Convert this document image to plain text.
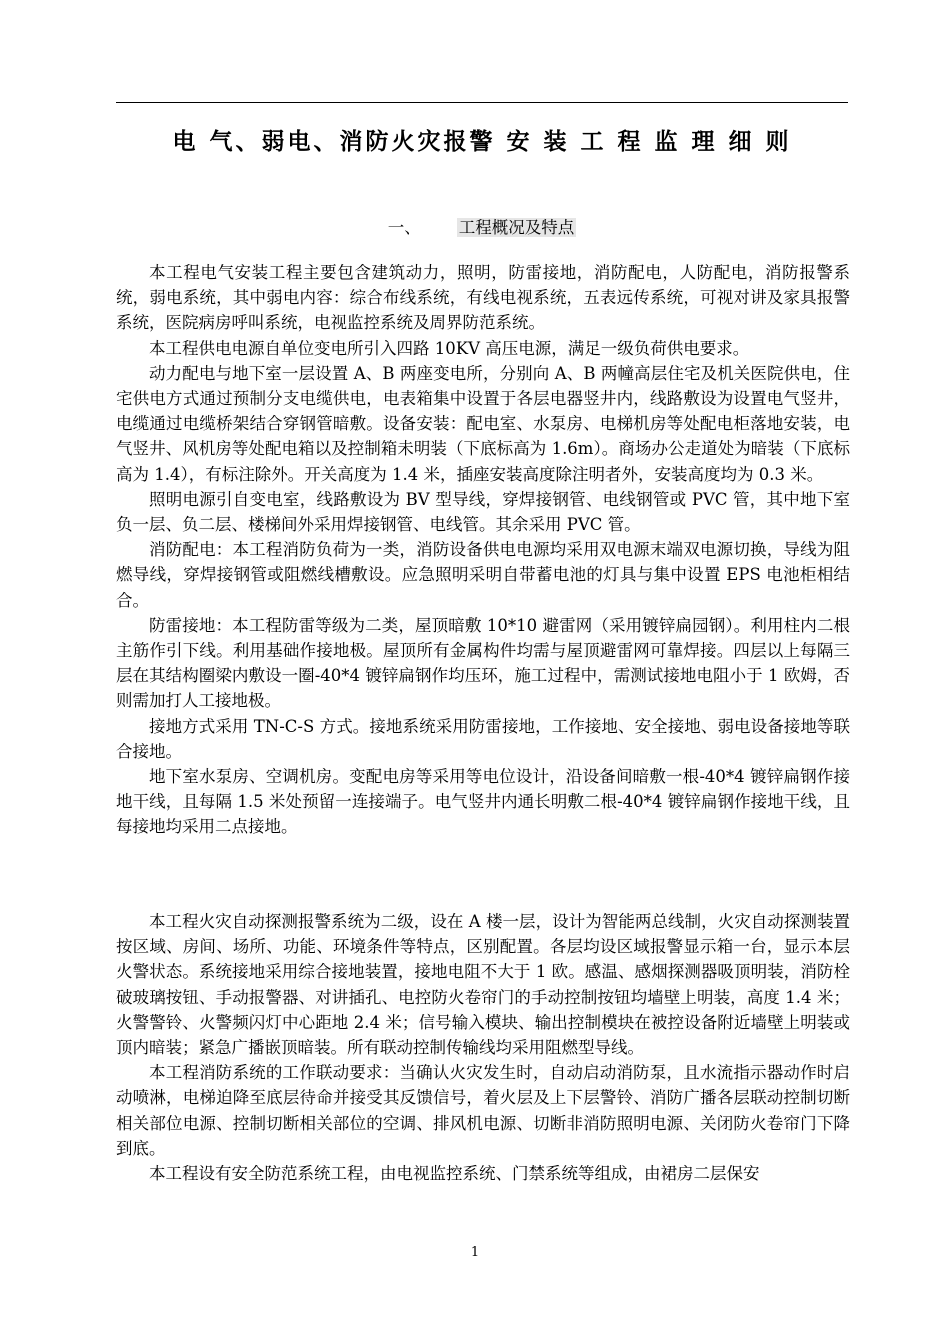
电 气、弱电、消防火灾报警 安 装 工 程 监 理 细 则
一、 工程概况及特点

本工程电气安装工程主要包含建筑动力，照明，防雷接地，消防配电，人防配电，消防报警系统，弱电系统，其中弱电内容：综合布线系统，有线电视系统，五表远传系统，可视对讲及家具报警系统，医院病房呼叫系统，电视监控系统及周界防范系统。

本工程供电电源自单位变电所引入四路 10KV 高压电源，满足一级负荷供电要求。

动力配电与地下室一层设置 A、B 两座变电所，分别向 A、B 两幢高层住宅及机关医院供电，住宅供电方式通过预制分支电缆供电，电表箱集中设置于各层电器竖井内，线路敷设为设置电气竖井，电缆通过电缆桥架结合穿钢管暗敷。设备安装：配电室、水泵房、电梯机房等处配电柜落地安装，电气竖井、风机房等处配电箱以及控制箱未明装（下底标高为 1.6m）。商场办公走道处为暗装（下底标高为 1.4），有标注除外。开关高度为 1.4 米，插座安装高度除注明者外，安装高度均为 0.3 米。

照明电源引自变电室，线路敷设为 BV 型导线，穿焊接钢管、电线钢管或 PVC 管，其中地下室负一层、负二层、楼梯间外采用焊接钢管、电线管。其余采用 PVC 管。

消防配电：本工程消防负荷为一类，消防设备供电电源均采用双电源末端双电源切换，导线为阻燃导线，穿焊接钢管或阻燃线槽敷设。应急照明采明自带蓄电池的灯具与集中设置 EPS 电池柜相结合。

防雷接地：本工程防雷等级为二类，屋顶暗敷 10*10 避雷网（采用镀锌扁园钢）。利用柱内二根主筋作引下线。利用基础作接地极。屋顶所有金属构件均需与屋顶避雷网可靠焊接。四层以上每隔三层在其结构圈梁内敷设一圈-40*4 镀锌扁钢作均压环，施工过程中，需测试接地电阻小于 1 欧姆，否则需加打人工接地极。

接地方式采用 TN-C-S 方式。接地系统采用防雷接地，工作接地、安全接地、弱电设备接地等联合接地。

地下室水泵房、空调机房。变配电房等采用等电位设计，沿设备间暗敷一根-40*4 镀锌扁钢作接地干线，且每隔 1.5 米处预留一连接端子。电气竖井内通长明敷二根-40*4 镀锌扁钢作接地干线，且每接地均采用二点接地。

本工程火灾自动探测报警系统为二级，设在 A 楼一层，设计为智能两总线制，火灾自动探测装置按区域、房间、场所、功能、环境条件等特点，区别配置。各层均设区域报警显示箱一台，显示本层火警状态。系统接地采用综合接地装置，接地电阻不大于 1 欧。感温、感烟探测器吸顶明装，消防栓破玻璃按钮、手动报警器、对讲插孔、电控防火卷帘门的手动控制按钮均墙壁上明装，高度 1.4 米；火警警铃、火警频闪灯中心距地 2.4 米；信号输入模块、输出控制模块在被控设备附近墙壁上明装或顶内暗装；紧急广播嵌顶暗装。所有联动控制传输线均采用阻燃型导线。

本工程消防系统的工作联动要求：当确认火灾发生时，自动启动消防泵，且水流指示器动作时启动喷淋，电梯迫降至底层待命并接受其反馈信号，着火层及上下层警铃、消防广播各层联动控制切断相关部位电源、控制切断相关部位的空调、排风机电源、切断非消防照明电源、关闭防火卷帘门下降到底。

本工程设有安全防范系统工程，由电视监控系统、门禁系统等组成，由裙房二层保安

1
